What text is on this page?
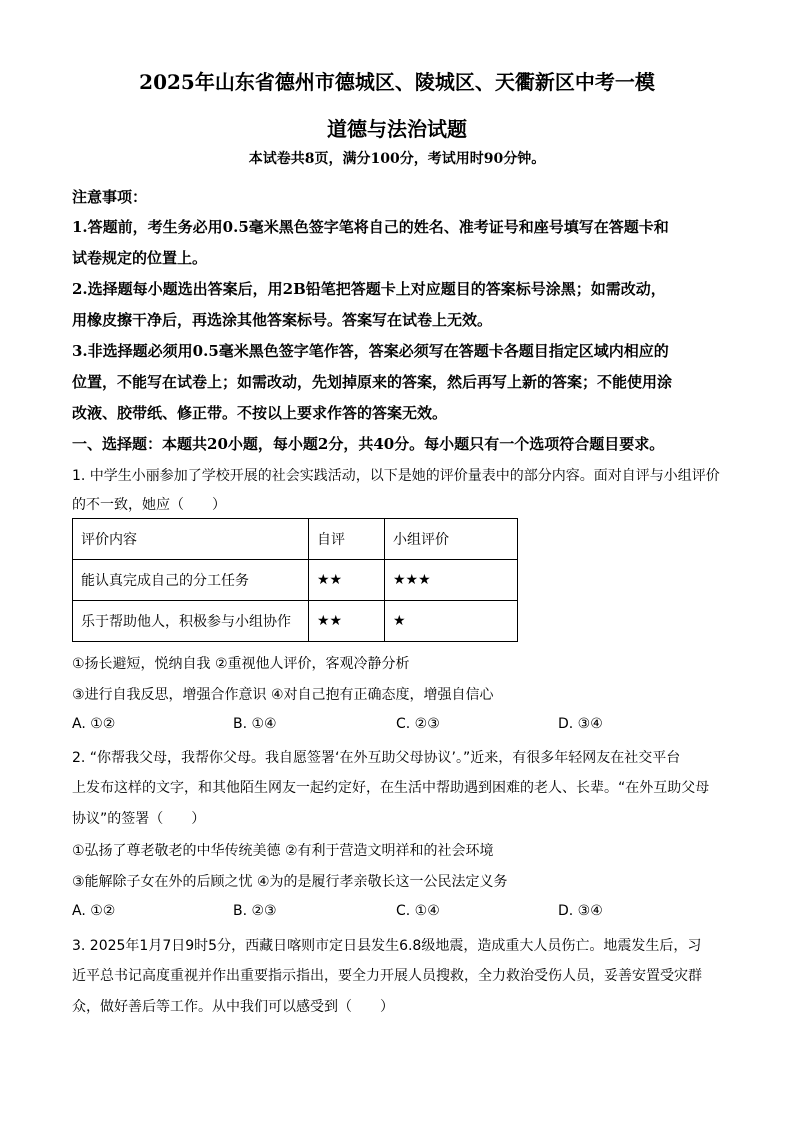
2025年山东省德州市德城区、陵城区、天衢新区中考一模
道德与法治试题
本试卷共8页，满分100分，考试用时90分钟。
注意事项：
1.答题前，考生务必用0.5毫米黑色签字笔将自己的姓名、准考证号和座号填写在答题卡和
试卷规定的位置上。
2.选择题每小题选出答案后，用2B铅笔把答题卡上对应题目的答案标号涂黑；如需改动，
用橡皮擦干净后，再选涂其他答案标号。答案写在试卷上无效。
3.非选择题必须用0.5毫米黑色签字笔作答，答案必须写在答题卡各题目指定区域内相应的
位置，不能写在试卷上；如需改动，先划掉原来的答案，然后再写上新的答案；不能使用涂
改液、胶带纸、修正带。不按以上要求作答的答案无效。
一、选择题：本题共20小题，每小题2分，共40分。每小题只有一个选项符合题目要求。
1. 中学生小丽参加了学校开展的社会实践活动，以下是她的评价量表中的部分内容。面对自评与小组评价
的不一致，她应（　　）
评价内容	自评	小组评价
能认真完成自己的分工任务	★★	★★★
乐于帮助他人，积极参与小组协作	★★	★
①扬长避短，悦纳自我 ②重视他人评价，客观冷静分析
③进行自我反思，增强合作意识 ④对自己抱有正确态度，增强自信心
A. ①②	B. ①④	C. ②③	D. ③④
2. “你帮我父母，我帮你父母。我自愿签署‘在外互助父母协议’。”近来，有很多年轻网友在社交平台
上发布这样的文字，和其他陌生网友一起约定好，在生活中帮助遇到困难的老人、长辈。“在外互助父母
协议”的签署（　　）
①弘扬了尊老敬老的中华传统美德 ②有利于营造文明祥和的社会环境
③能解除子女在外的后顾之忧 ④为的是履行孝亲敬长这一公民法定义务
A. ①②	B. ②③	C. ①④	D. ③④
3. 2025年1月7日9时5分，西藏日喀则市定日县发生6.8级地震，造成重大人员伤亡。地震发生后，习
近平总书记高度重视并作出重要指示指出，要全力开展人员搜救，全力救治受伤人员，妥善安置受灾群
众，做好善后等工作。从中我们可以感受到（　　）
